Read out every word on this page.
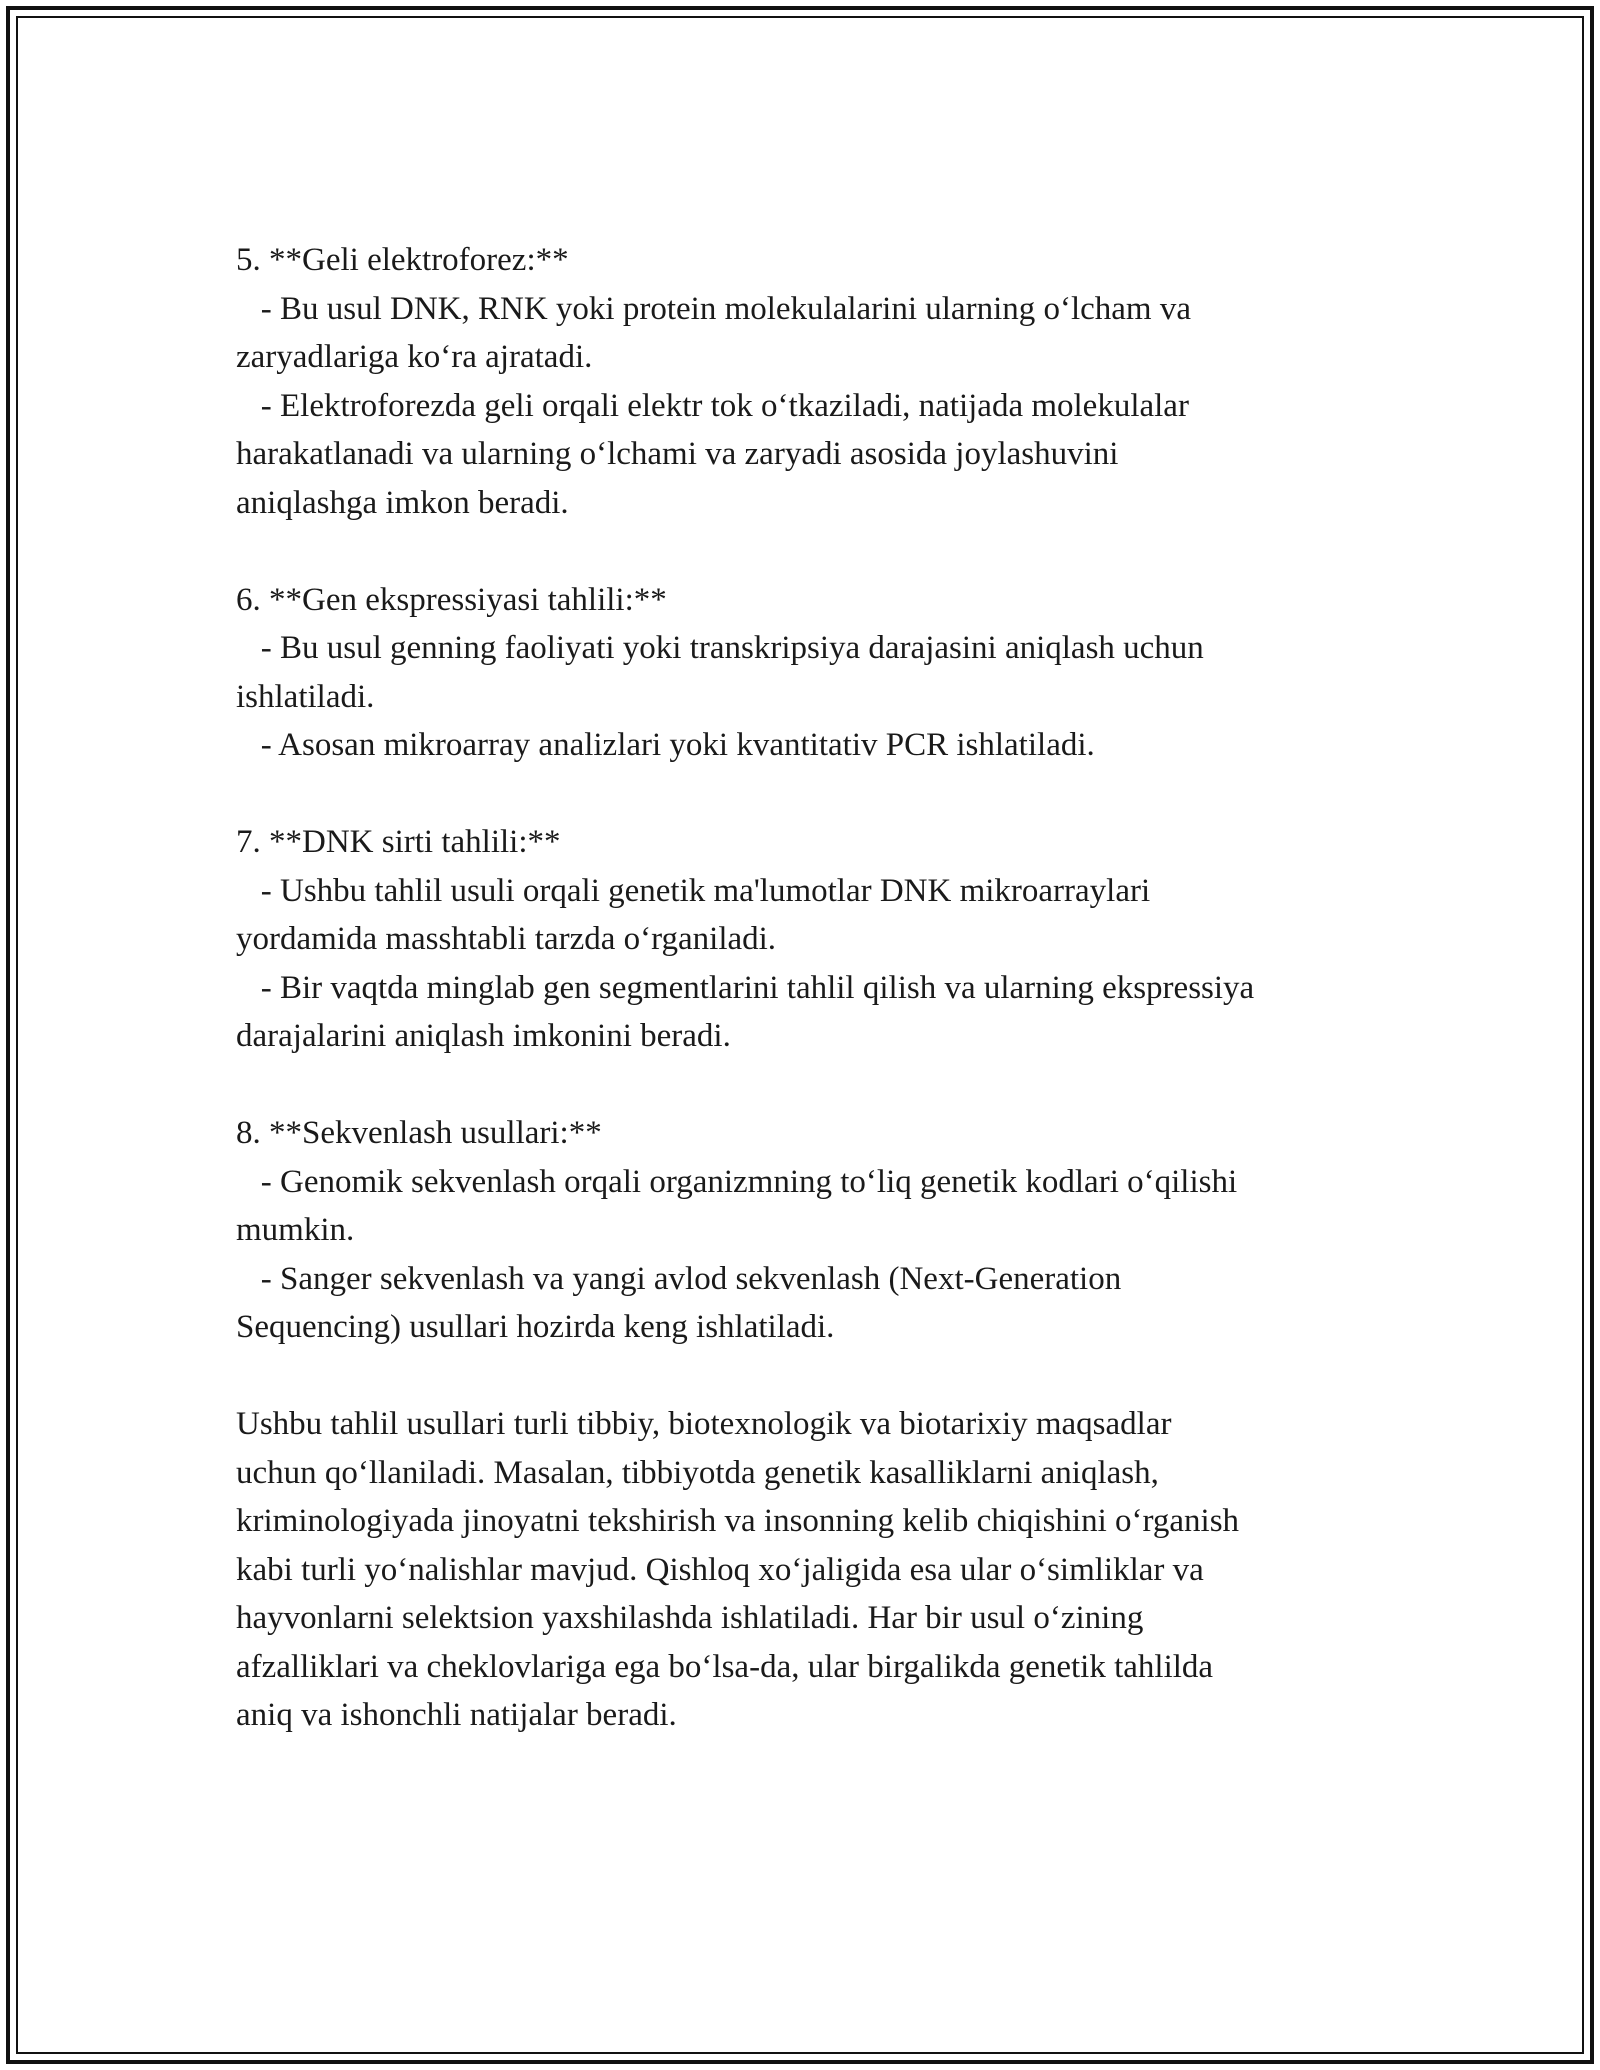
5. **Geli elektroforez:**
- Bu usul DNK, RNK yoki protein molekulalarini ularning oʻlcham va
zaryadlariga koʻra ajratadi.
- Elektroforezda geli orqali elektr tok oʻtkaziladi, natijada molekulalar
harakatlanadi va ularning oʻlchami va zaryadi asosida joylashuvini
aniqlashga imkon beradi.
6. **Gen ekspressiyasi tahlili:**
- Bu usul genning faoliyati yoki transkripsiya darajasini aniqlash uchun
ishlatiladi.
- Asosan mikroarray analizlari yoki kvantitativ PCR ishlatiladi.
7. **DNK sirti tahlili:**
- Ushbu tahlil usuli orqali genetik ma'lumotlar DNK mikroarraylari
yordamida masshtabli tarzda oʻrganiladi.
- Bir vaqtda minglab gen segmentlarini tahlil qilish va ularning ekspressiya
darajalarini aniqlash imkonini beradi.
8. **Sekvenlash usullari:**
- Genomik sekvenlash orqali organizmning toʻliq genetik kodlari oʻqilishi
mumkin.
- Sanger sekvenlash va yangi avlod sekvenlash (Next-Generation
Sequencing) usullari hozirda keng ishlatiladi.
Ushbu tahlil usullari turli tibbiy, biotexnologik va biotarixiy maqsadlar
uchun qoʻllaniladi. Masalan, tibbiyotda genetik kasalliklarni aniqlash,
kriminologiyada jinoyatni tekshirish va insonning kelib chiqishini oʻrganish
kabi turli yoʻnalishlar mavjud. Qishloq xoʻjaligida esa ular oʻsimliklar va
hayvonlarni selektsion yaxshilashda ishlatiladi. Har bir usul oʻzining
afzalliklari va cheklovlariga ega boʻlsa-da, ular birgalikda genetik tahlilda
aniq va ishonchli natijalar beradi.
